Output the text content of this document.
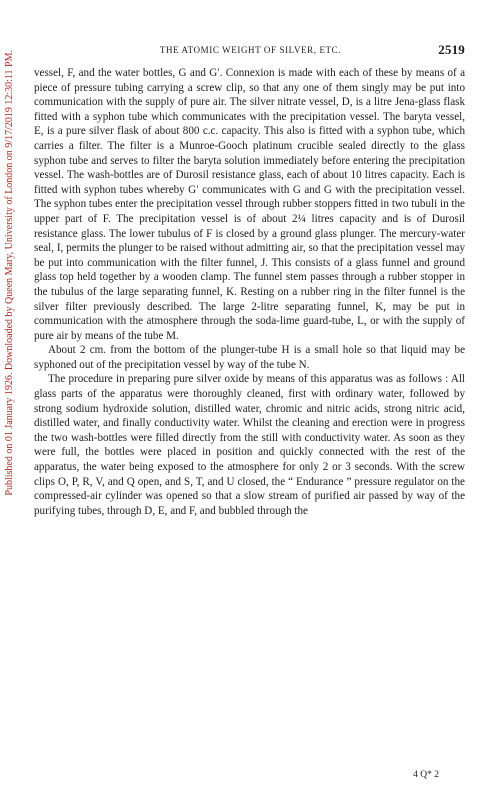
Published on 01 January 1926. Downloaded by Queen Mary, University of London on 9/17/2019 12:30:11 PM.	THE ATOMIC WEIGHT OF SILVER, ETC.	2519

vessel, F, and the water bottles, G and G′. Connexion is made with each of these by means of a piece of pressure tubing carrying a screw clip, so that any one of them singly may be put into communication with the supply of pure air. The silver nitrate vessel, D, is a litre Jena-glass flask fitted with a syphon tube which communicates with the precipitation vessel. The baryta vessel, E, is a pure silver flask of about 800 c.c. capacity. This also is fitted with a syphon tube, which carries a filter. The filter is a Munroe-Gooch platinum crucible sealed directly to the glass syphon tube and serves to filter the baryta solution immediately before entering the precipitation vessel. The wash-bottles are of Durosil resistance glass, each of about 10 litres capacity. Each is fitted with syphon tubes whereby G′ communicates with G and G with the precipitation vessel. The syphon tubes enter the precipitation vessel through rubber stoppers fitted in two tubuli in the upper part of F. The precipitation vessel is of about 2¼ litres capacity and is of Durosil resistance glass. The lower tubulus of F is closed by a ground glass plunger. The mercury-water seal, I, permits the plunger to be raised without admitting air, so that the precipitation vessel may be put into communication with the filter funnel, J. This consists of a glass funnel and ground glass top held together by a wooden clamp. The funnel stem passes through a rubber stopper in the tubulus of the large separating funnel, K. Resting on a rubber ring in the filter funnel is the silver filter previously described. The large 2-litre separating funnel, K, may be put in communication with the atmosphere through the soda-lime guard-tube, L, or with the supply of pure air by means of the tube M.

About 2 cm. from the bottom of the plunger-tube H is a small hole so that liquid may be syphoned out of the precipitation vessel by way of the tube N.

The procedure in preparing pure silver oxide by means of this apparatus was as follows : All glass parts of the apparatus were thoroughly cleaned, first with ordinary water, followed by strong sodium hydroxide solution, distilled water, chromic and nitric acids, strong nitric acid, distilled water, and finally conductivity water. Whilst the cleaning and erection were in progress the two wash-bottles were filled directly from the still with conductivity water. As soon as they were full, the bottles were placed in position and quickly connected with the rest of the apparatus, the water being exposed to the atmosphere for only 2 or 3 seconds. With the screw clips O, P, R, V, and Q open, and S, T, and U closed, the “ Endurance ” pressure regulator on the compressed-air cylinder was opened so that a slow stream of purified air passed by way of the purifying tubes, through D, E, and F, and bubbled through the

4 Q* 2
